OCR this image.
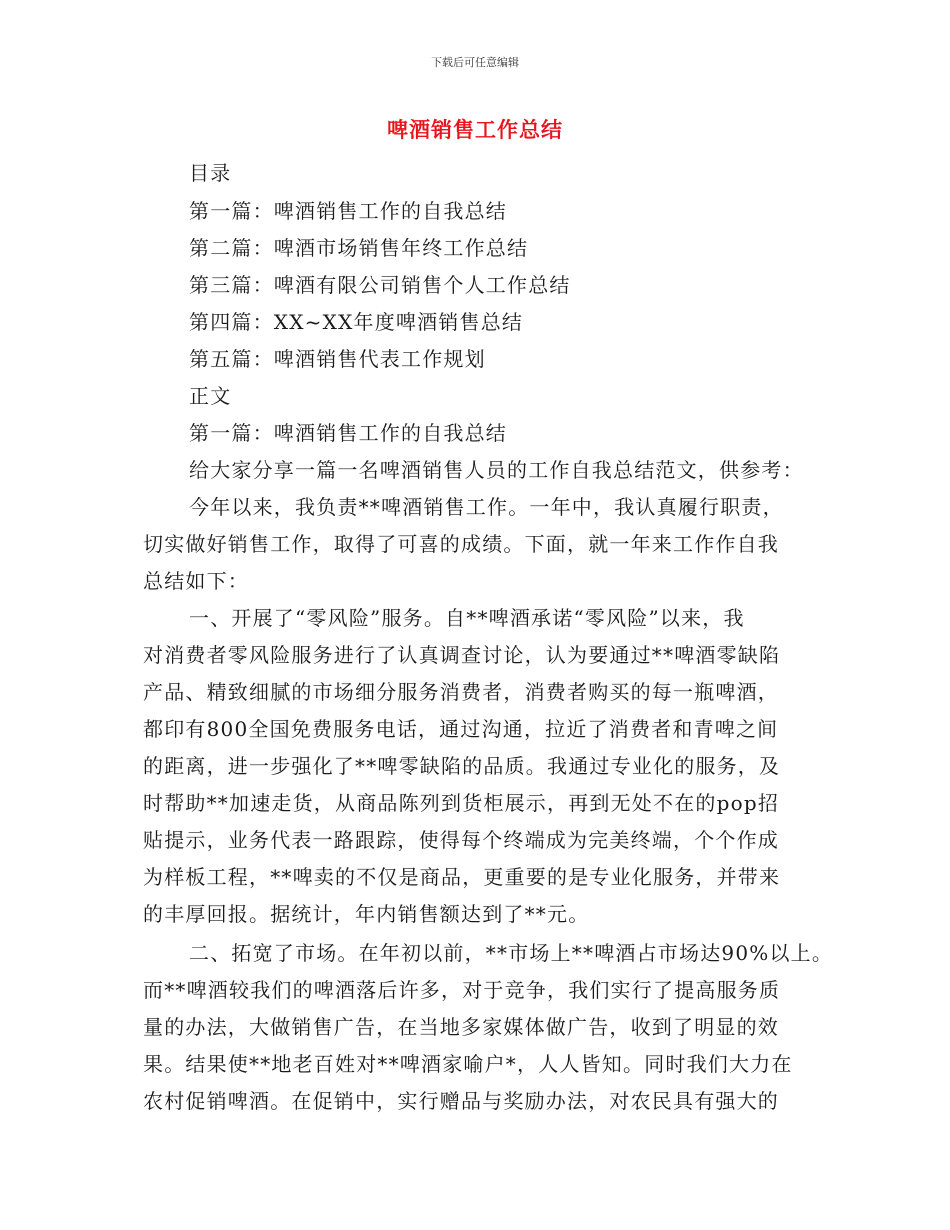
下载后可任意编辑
啤酒销售工作总结
目录
第一篇：啤酒销售工作的自我总结
第二篇：啤酒市场销售年终工作总结
第三篇：啤酒有限公司销售个人工作总结
第四篇：XX~XX年度啤酒销售总结
第五篇：啤酒销售代表工作规划
正文
第一篇：啤酒销售工作的自我总结
给大家分享一篇一名啤酒销售人员的工作自我总结范文，供参考：
今年以来，我负责**啤酒销售工作。一年中，我认真履行职责，
切实做好销售工作，取得了可喜的成绩。下面，就一年来工作作自我
总结如下：
一、开展了“零风险”服务。自**啤酒承诺“零风险”以来，我
对消费者零风险服务进行了认真调查讨论，认为要通过**啤酒零缺陷
产品、精致细腻的市场细分服务消费者，消费者购买的每一瓶啤酒，
都印有800全国免费服务电话，通过沟通，拉近了消费者和青啤之间
的距离，进一步强化了**啤零缺陷的品质。我通过专业化的服务，及
时帮助**加速走货，从商品陈列到货柜展示，再到无处不在的pop招
贴提示，业务代表一路跟踪，使得每个终端成为完美终端，个个作成
为样板工程，**啤卖的不仅是商品，更重要的是专业化服务，并带来
的丰厚回报。据统计，年内销售额达到了**元。
二、拓宽了市场。在年初以前，**市场上**啤酒占市场达90%以上。
而**啤酒较我们的啤酒落后许多，对于竞争，我们实行了提高服务质
量的办法，大做销售广告，在当地多家媒体做广告，收到了明显的效
果。结果使**地老百姓对**啤酒家喻户*，人人皆知。同时我们大力在
农村促销啤酒。在促销中，实行赠品与奖励办法，对农民具有强大的
